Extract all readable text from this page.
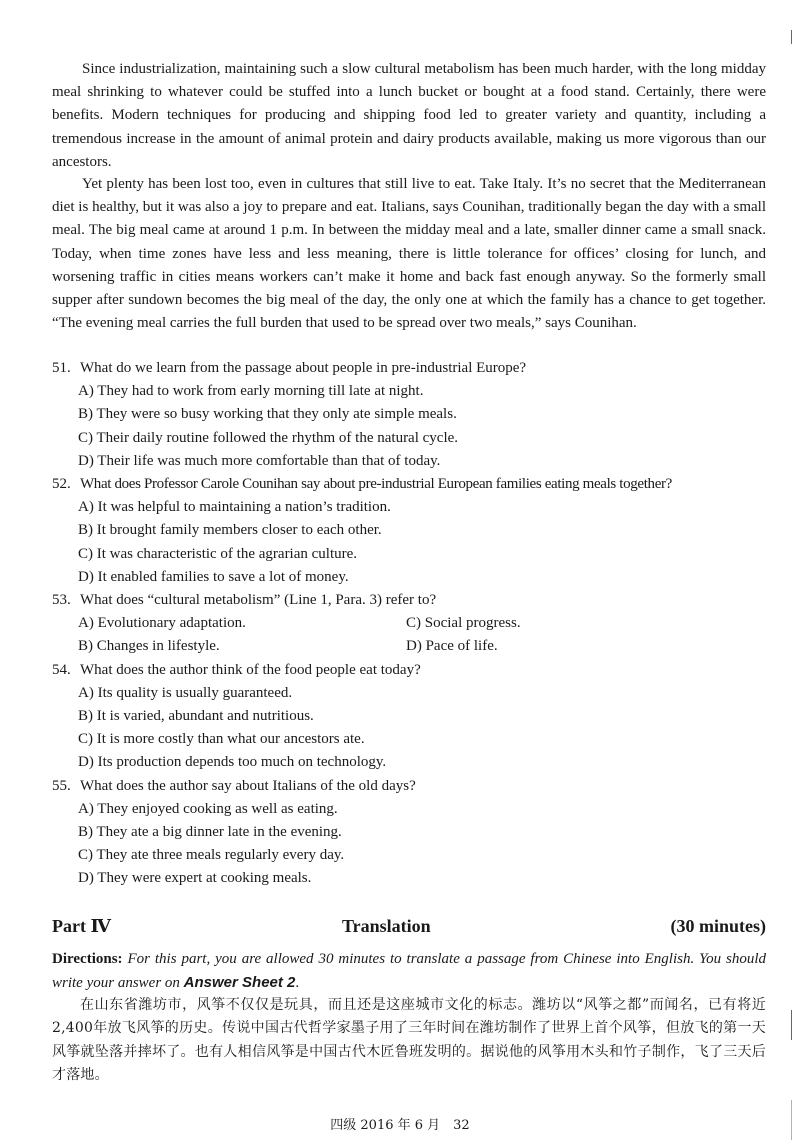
Since industrialization, maintaining such a slow cultural metabolism has been much harder, with the long midday meal shrinking to whatever could be stuffed into a lunch bucket or bought at a food stand. Certainly, there were benefits. Modern techniques for producing and shipping food led to greater variety and quantity, including a tremendous increase in the amount of animal protein and dairy products available, making us more vigorous than our ancestors.

Yet plenty has been lost too, even in cultures that still live to eat. Take Italy. It’s no secret that the Mediterranean diet is healthy, but it was also a joy to prepare and eat. Italians, says Counihan, traditionally began the day with a small meal. The big meal came at around 1 p.m. In between the midday meal and a late, smaller dinner came a small snack. Today, when time zones have less and less meaning, there is little tolerance for offices’ closing for lunch, and worsening traffic in cities means workers can’t make it home and back fast enough anyway. So the formerly small supper after sundown becomes the big meal of the day, the only one at which the family has a chance to get together. “The evening meal carries the full burden that used to be spread over two meals,” says Counihan.

51. What do we learn from the passage about people in pre-industrial Europe?

A) They had to work from early morning till late at night.

B) They were so busy working that they only ate simple meals.

C) Their daily routine followed the rhythm of the natural cycle.

D) Their life was much more comfortable than that of today.

52. What does Professor Carole Counihan say about pre-industrial European families eating meals together?

A) It was helpful to maintaining a nation’s tradition.

B) It brought family members closer to each other.

C) It was characteristic of the agrarian culture.

D) It enabled families to save a lot of money.

53. What does “cultural metabolism” (Line 1, Para. 3) refer to?

A) Evolutionary adaptation.	C) Social progress.
B) Changes in lifestyle.	D) Pace of life.

54. What does the author think of the food people eat today?

A) Its quality is usually guaranteed.

B) It is varied, abundant and nutritious.

C) It is more costly than what our ancestors ate.

D) Its production depends too much on technology.

55. What does the author say about Italians of the old days?

A) They enjoyed cooking as well as eating.

B) They ate a big dinner late in the evening.

C) They ate three meals regularly every day.

D) They were expert at cooking meals.

Part Ⅳ	Translation	(30 minutes)

Directions: For this part, you are allowed 30 minutes to translate a passage from Chinese into English. You should write your answer on Answer Sheet 2.

在山东省潍坊市，风筝不仅仅是玩具，而且还是这座城市文化的标志。潍坊以“风筝之都”而闻名，已有将近2,400年放飞风筝的历史。传说中国古代哲学家墨子用了三年时间在潍坊制作了世界上首个风筝，但放飞的第一天风筝就坠落并摔坏了。也有人相信风筝是中国古代木匠鲁班发明的。据说他的风筝用木头和竹子制作，飞了三天后才落地。

四级 2016 年 6 月　32
